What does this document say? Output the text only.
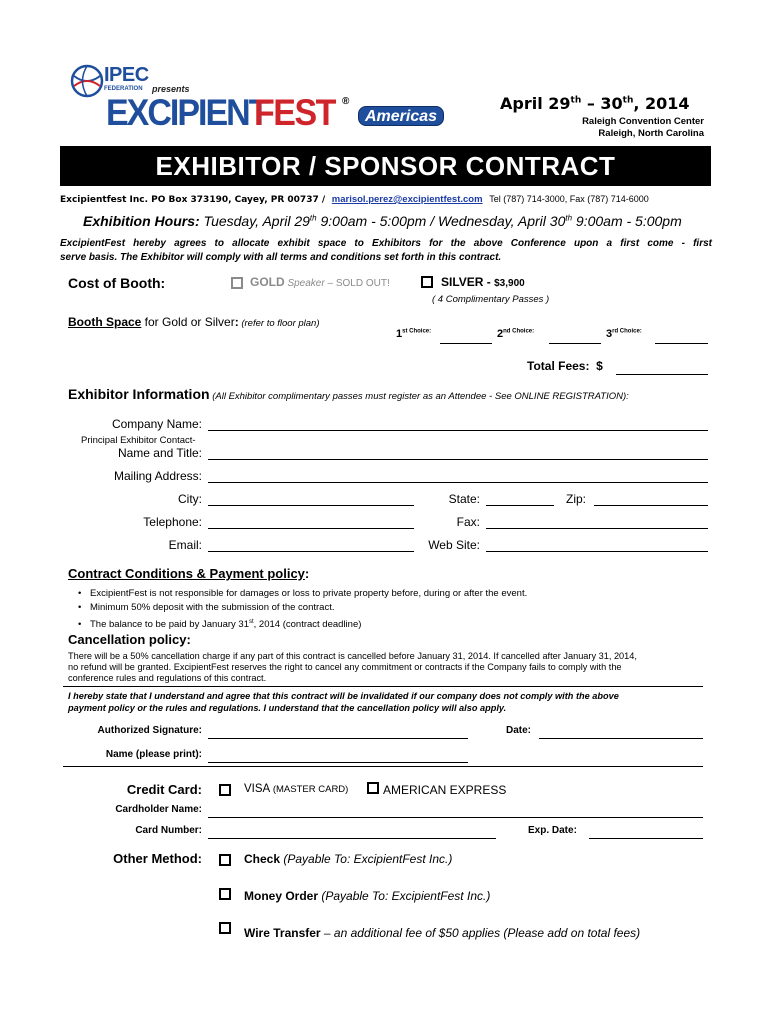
IPEC
FEDERATION presents
EXCIPIENT
FEST ®
Americas
April 29th – 30th, 2014
Raleigh Convention Center
Raleigh, North Carolina
EXHIBITOR / SPONSOR CONTRACT
Excipientfest Inc. PO Box 373190, Cayey, PR 00737 / marisol.perez@excipientfest.com Tel (787) 714-3000, Fax (787) 714-6000
Exhibition Hours: Tuesday, April 29th 9:00am - 5:00pm / Wednesday, April 30th 9:00am - 5:00pm
ExcipientFest hereby agrees to allocate exhibit space to Exhibitors for the above Conference upon a first come - first
serve basis. The Exhibitor will comply with all terms and conditions set forth in this contract.
Cost of Booth:	GOLD Speaker – SOLD OUT!	SILVER - $3,900
( 4 Complimentary Passes )
Booth Space for Gold or Silver: (refer to floor plan)
$1^{st Choice:}$	$2^{nd Choice:}$	$3^{rd Choice:}$
Total Fees:  $
Exhibitor Information (All Exhibitor complimentary passes must register as an Attendee - See ONLINE REGISTRATION):
Company Name:
Principal Exhibitor Contact-
Name and Title:
Mailing Address:
City:	State:	Zip:
Telephone:	Fax:
Email:	Web Site:
Contract Conditions & Payment policy:
• ExcipientFest is not responsible for damages or loss to private property before, during or after the event.
• Minimum 50% deposit with the submission of the contract.
• The balance to be paid by January 31st, 2014 (contract deadline)
Cancellation policy:
There will be a 50% cancellation charge if any part of this contract is cancelled before January 31, 2014. If cancelled after January 31, 2014,
no refund will be granted. ExcipientFest reserves the right to cancel any commitment or contracts if the Company fails to comply with the
conference rules and regulations of this contract.
I hereby state that I understand and agree that this contract will be invalidated if our company does not comply with the above
payment policy or the rules and regulations. I understand that the cancellation policy will also apply.
Authorized Signature:	Date:
Name (please print):
Credit Card:	VISA (MASTER CARD)	AMERICAN EXPRESS
Cardholder Name:
Card Number:	Exp. Date:
Other Method:	Check (Payable To: ExcipientFest Inc.)
Money Order (Payable To: ExcipientFest Inc.)
Wire Transfer – an additional fee of $50 applies (Please add on total fees)
